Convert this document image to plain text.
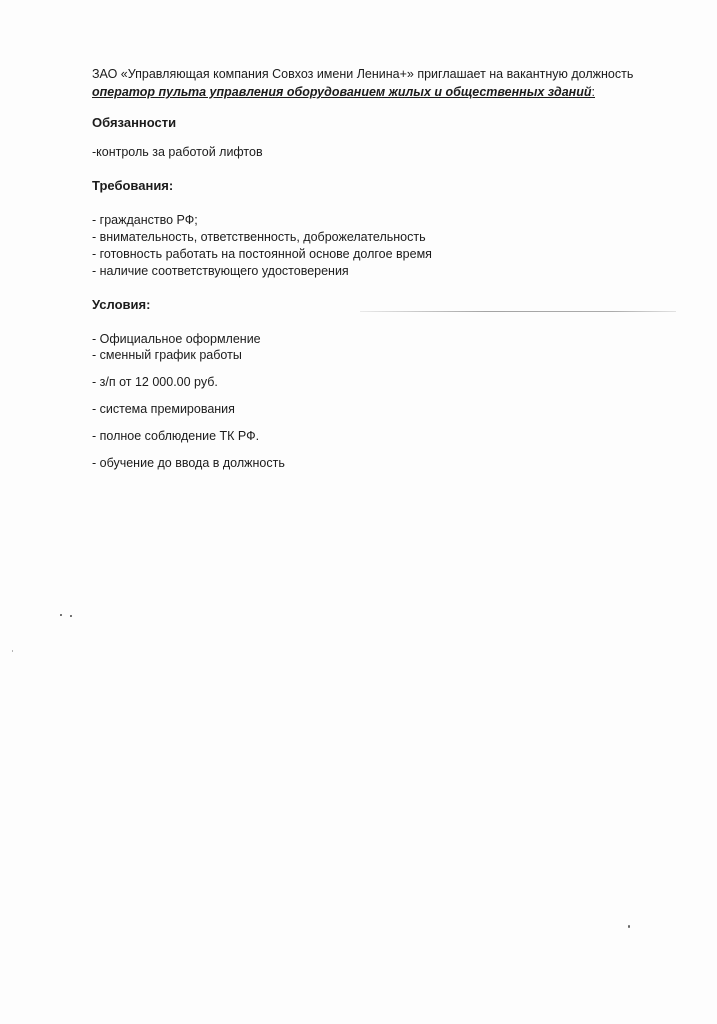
ЗАО «Управляющая компания Совхоз имени Ленина+» приглашает на вакантную должность
оператор пульта управления оборудованием жилых и общественных зданий:
Обязанности
-контроль за работой лифтов
Требования:
- гражданство РФ;
- внимательность, ответственность, доброжелательность
- готовность работать на постоянной основе долгое время
- наличие соответствующего удостоверения
Условия:
- Официальное оформление
- сменный график работы
- з/п от 12 000.00 руб.
- система премирования
- полное соблюдение ТК РФ.
- обучение до ввода в должность
